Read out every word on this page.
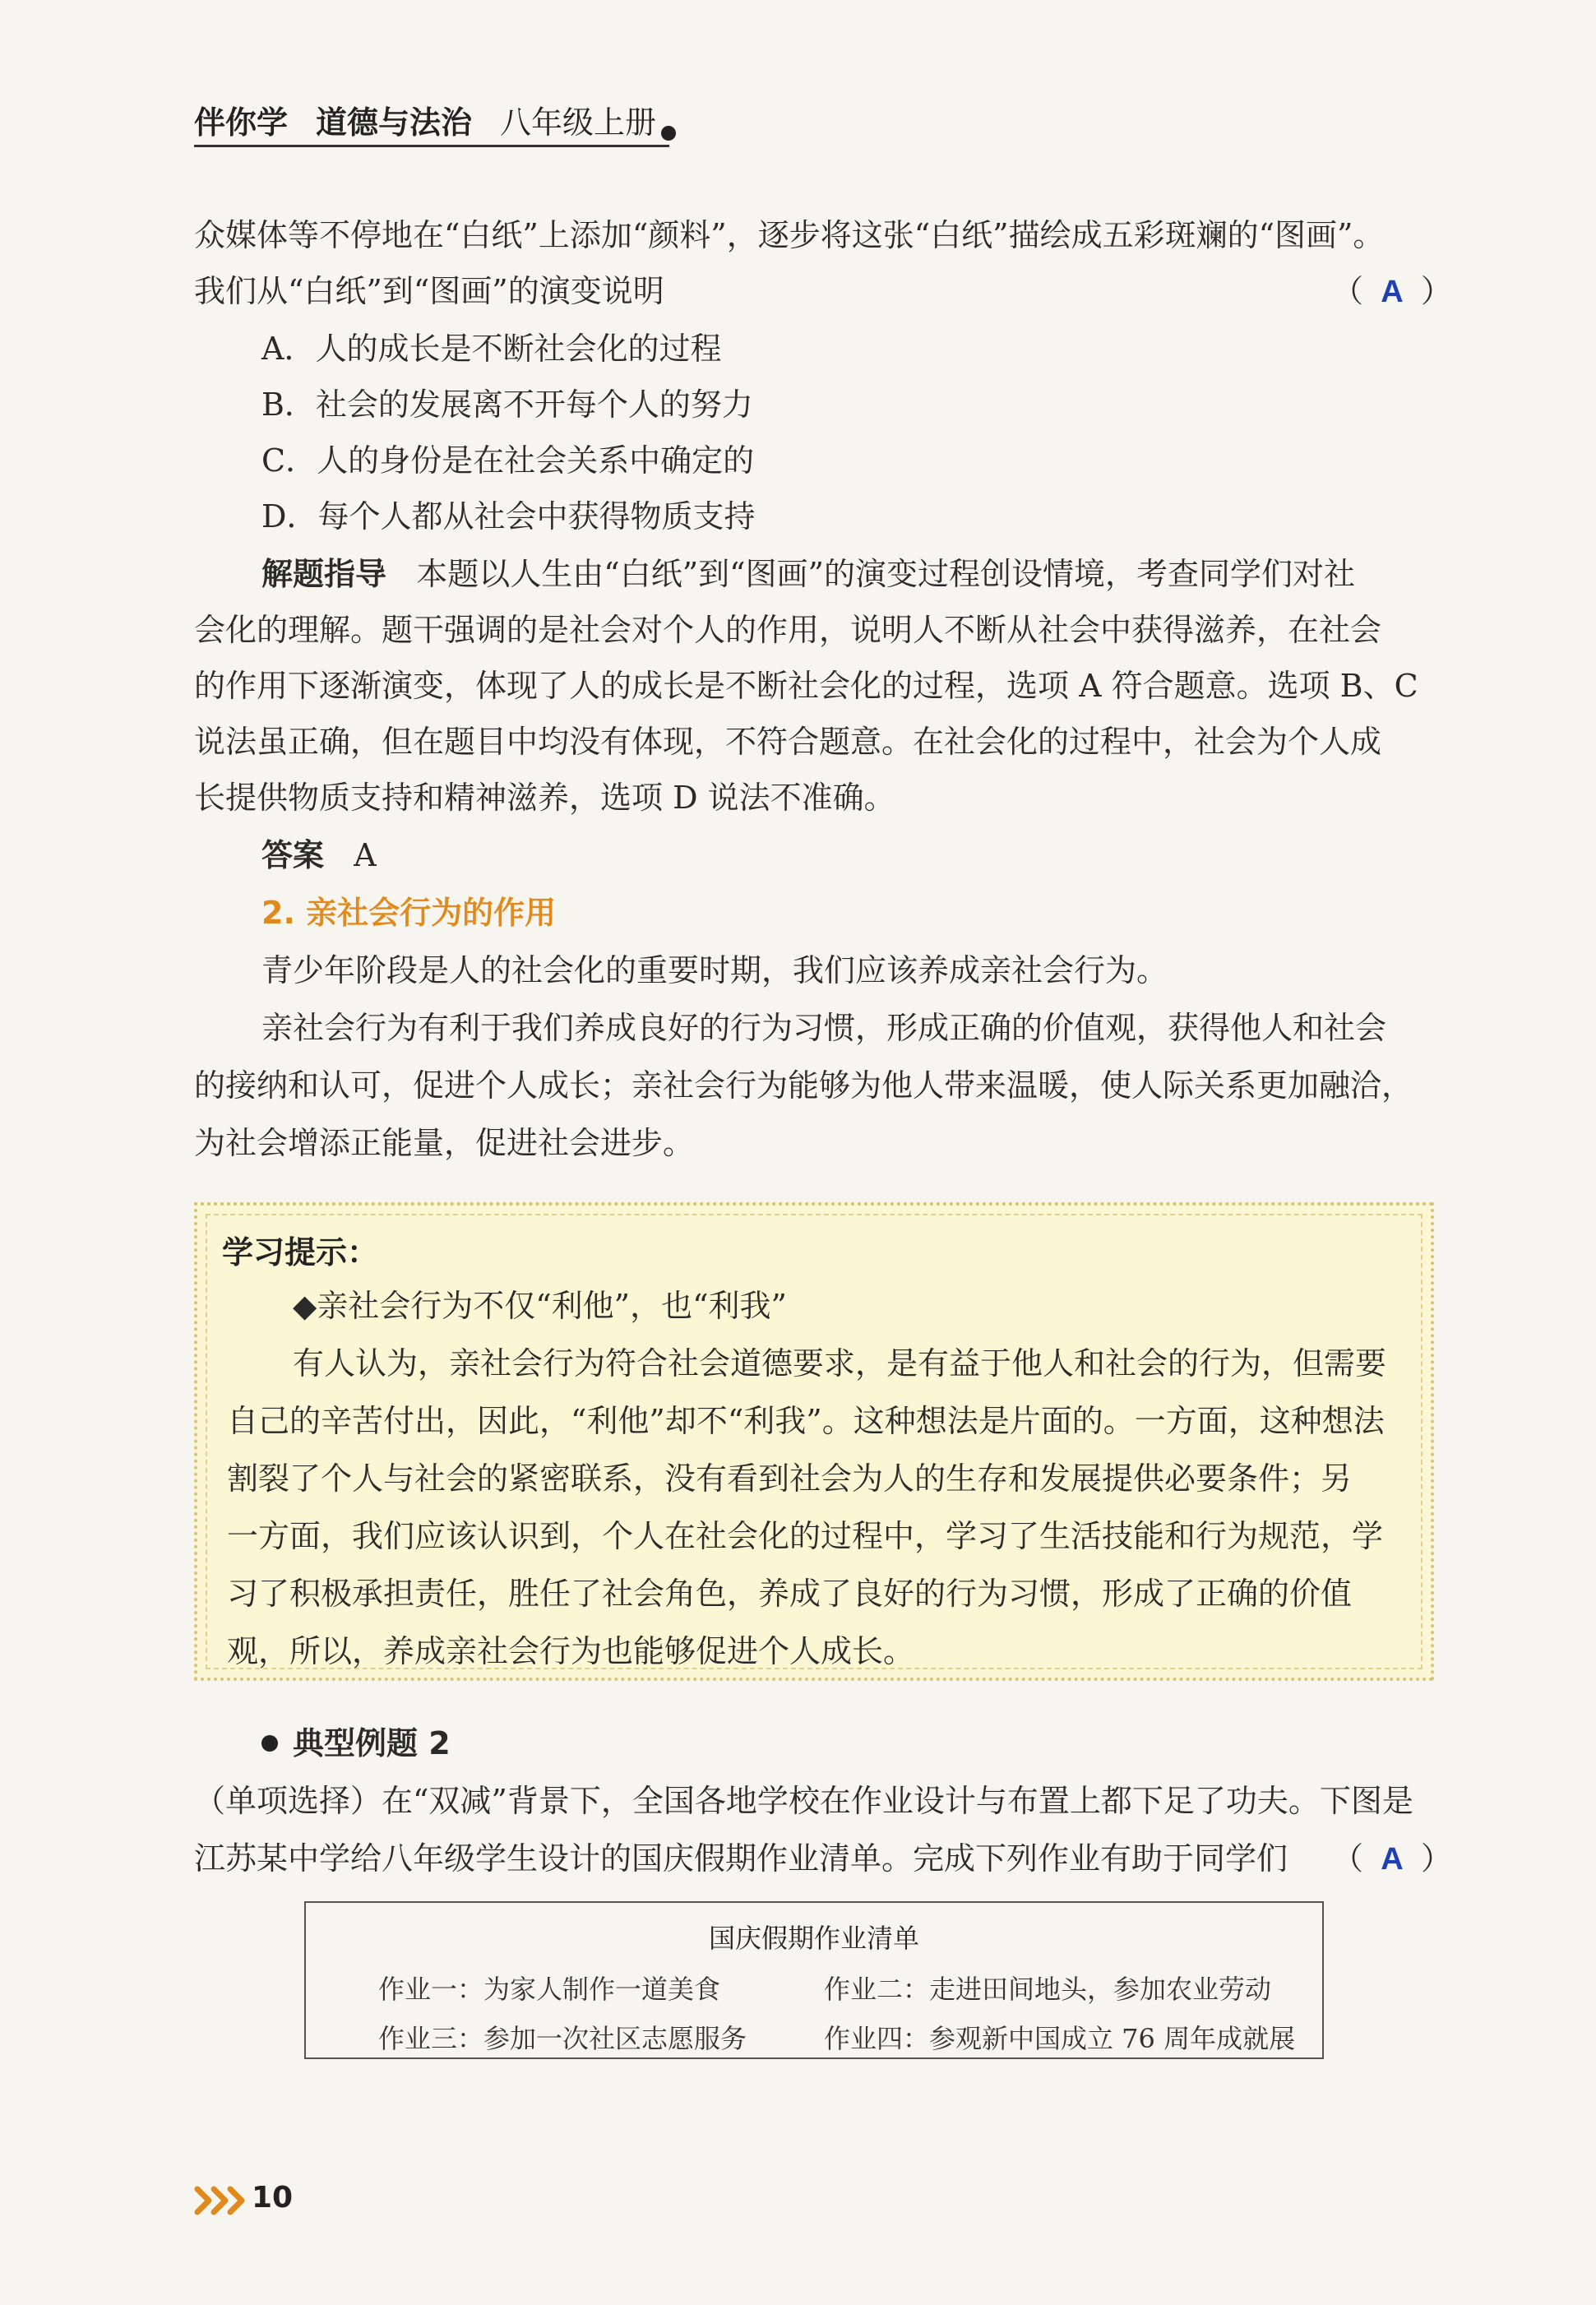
伴你学 道德与法治 八年级上册
众媒体等不停地在“白纸”上添加“颜料”，逐步将这张“白纸”描绘成五彩斑斓的“图画”。
我们从“白纸”到“图画”的演变说明	（ A ）
A．人的成长是不断社会化的过程
B．社会的发展离不开每个人的努力
C．人的身份是在社会关系中确定的
D．每个人都从社会中获得物质支持
解题指导 本题以人生由“白纸”到“图画”的演变过程创设情境，考查同学们对社
会化的理解。题干强调的是社会对个人的作用，说明人不断从社会中获得滋养，在社会
的作用下逐渐演变，体现了人的成长是不断社会化的过程，选项 A 符合题意。选项 B、C
说法虽正确，但在题目中均没有体现，不符合题意。在社会化的过程中，社会为个人成
长提供物质支持和精神滋养，选项 D 说法不准确。
答案 A
2. 亲社会行为的作用
青少年阶段是人的社会化的重要时期，我们应该养成亲社会行为。
亲社会行为有利于我们养成良好的行为习惯，形成正确的价值观，获得他人和社会
的接纳和认可，促进个人成长；亲社会行为能够为他人带来温暖，使人际关系更加融洽，
为社会增添正能量，促进社会进步。
学习提示：
◆亲社会行为不仅“利他”，也“利我”
有人认为，亲社会行为符合社会道德要求，是有益于他人和社会的行为，但需要
自己的辛苦付出，因此，“利他”却不“利我”。这种想法是片面的。一方面，这种想法
割裂了个人与社会的紧密联系，没有看到社会为人的生存和发展提供必要条件；另
一方面，我们应该认识到，个人在社会化的过程中，学习了生活技能和行为规范，学
习了积极承担责任，胜任了社会角色，养成了良好的行为习惯，形成了正确的价值
观，所以，养成亲社会行为也能够促进个人成长。
典型例题 2
（单项选择）在“双减”背景下，全国各地学校在作业设计与布置上都下足了功夫。下图是
江苏某中学给八年级学生设计的国庆假期作业清单。完成下列作业有助于同学们 （ A ）
国庆假期作业清单
作业一：为家人制作一道美食	作业二：走进田间地头，参加农业劳动
作业三：参加一次社区志愿服务	作业四：参观新中国成立 76 周年成就展
10
